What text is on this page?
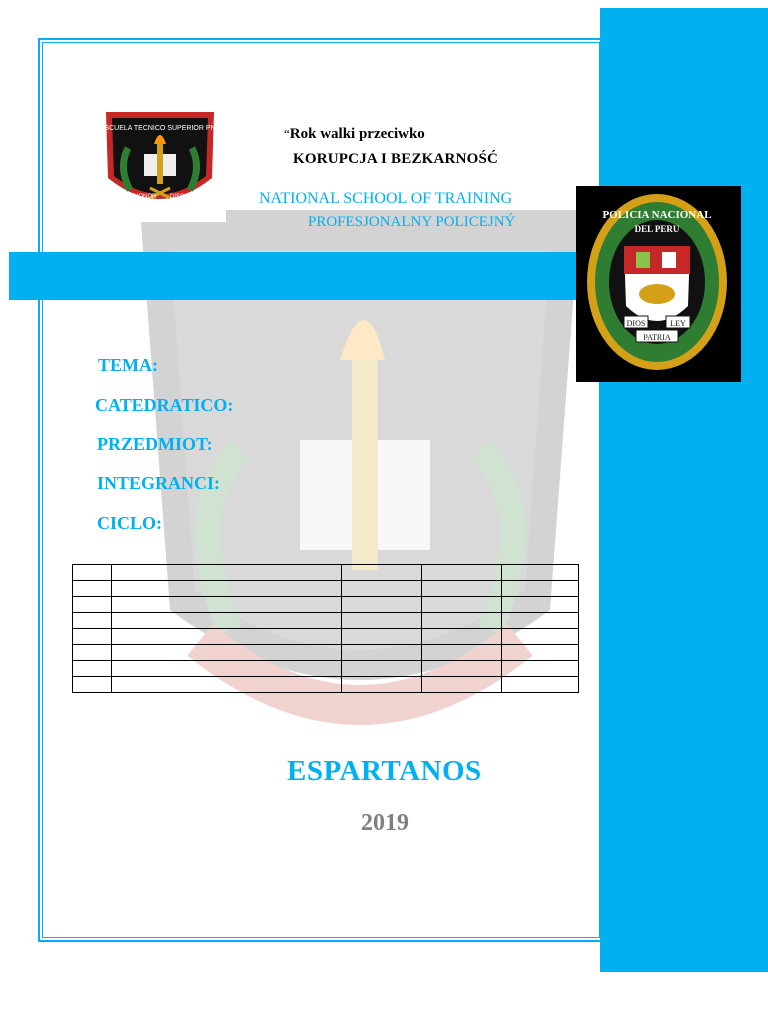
ESCUELA TECNICO SUPERIOR PNP
HONOR DISCIPLINA
POLICIA NACIONAL
DEL PERU
DIOS	LEY
PATRIA
“Rok walki przeciwko
KORUPCJA I BEZKARNOŚĆ
NATIONAL SCHOOL OF TRAINING
PROFESJONALNY POLICEJNÝ
TEMA:
CATEDRATICO:
PRZEDMIOT:
INTEGRANCI:
CICLO:

ESPARTANOS
2019
